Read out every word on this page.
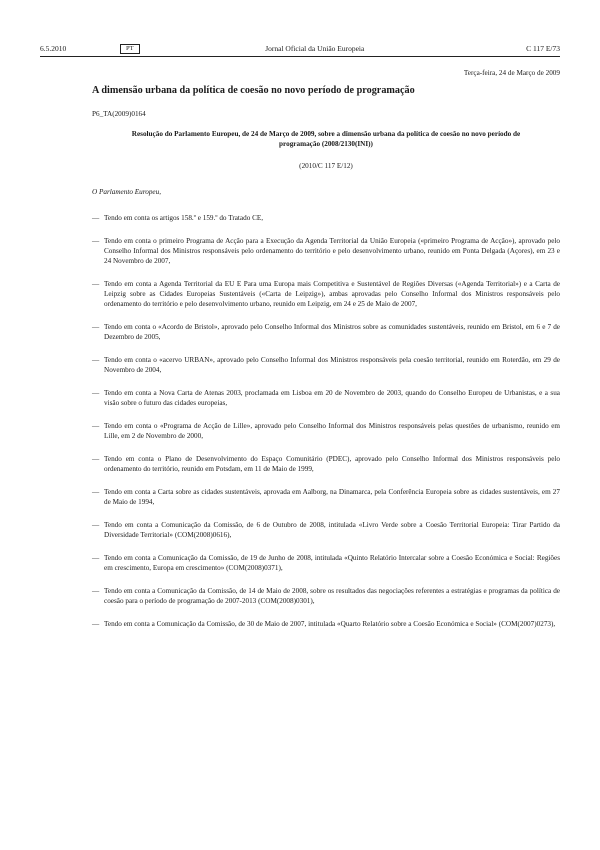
6.5.2010	PT	Jornal Oficial da União Europeia	C 117 E/73
Terça-feira, 24 de Março de 2009
A dimensão urbana da política de coesão no novo período de programação
P6_TA(2009)0164
Resolução do Parlamento Europeu, de 24 de Março de 2009, sobre a dimensão urbana da política de coesão no novo período de programação (2008/2130(INI))
(2010/C 117 E/12)
O Parlamento Europeu,
— Tendo em conta os artigos 158.º e 159.º do Tratado CE,
— Tendo em conta o primeiro Programa de Acção para a Execução da Agenda Territorial da União Europeia («primeiro Programa de Acção»), aprovado pelo Conselho Informal dos Ministros responsáveis pelo ordenamento do território e pelo desenvolvimento urbano, reunido em Ponta Delgada (Açores), em 23 e 24 Novembro de 2007,
— Tendo em conta a Agenda Territorial da EU E Para uma Europa mais Competitiva e Sustentável de Regiões Diversas («Agenda Territorial») e a Carta de Leipzig sobre as Cidades Europeias Sustentáveis («Carta de Leipzig»), ambas aprovadas pelo Conselho Informal dos Ministros responsáveis pelo ordenamento do território e pelo desenvolvimento urbano, reunido em Leipzig, em 24 e 25 de Maio de 2007,
— Tendo em conta o «Acordo de Bristol», aprovado pelo Conselho Informal dos Ministros sobre as comunidades sustentáveis, reunido em Bristol, em 6 e 7 de Dezembro de 2005,
— Tendo em conta o «acervo URBAN», aprovado pelo Conselho Informal dos Ministros responsáveis pela coesão territorial, reunido em Roterdão, em 29 de Novembro de 2004,
— Tendo em conta a Nova Carta de Atenas 2003, proclamada em Lisboa em 20 de Novembro de 2003, quando do Conselho Europeu de Urbanistas, e a sua visão sobre o futuro das cidades europeias,
— Tendo em conta o «Programa de Acção de Lille», aprovado pelo Conselho Informal dos Ministros responsáveis pelas questões de urbanismo, reunido em Lille, em 2 de Novembro de 2000,
— Tendo em conta o Plano de Desenvolvimento do Espaço Comunitário (PDEC), aprovado pelo Conselho Informal dos Ministros responsáveis pelo ordenamento do território, reunido em Potsdam, em 11 de Maio de 1999,
— Tendo em conta a Carta sobre as cidades sustentáveis, aprovada em Aalborg, na Dinamarca, pela Conferência Europeia sobre as cidades sustentáveis, em 27 de Maio de 1994,
— Tendo em conta a Comunicação da Comissão, de 6 de Outubro de 2008, intitulada «Livro Verde sobre a Coesão Territorial Europeia: Tirar Partido da Diversidade Territorial» (COM(2008)0616),
— Tendo em conta a Comunicação da Comissão, de 19 de Junho de 2008, intitulada «Quinto Relatório Intercalar sobre a Coesão Económica e Social: Regiões em crescimento, Europa em crescimento» (COM(2008)0371),
— Tendo em conta a Comunicação da Comissão, de 14 de Maio de 2008, sobre os resultados das negociações referentes a estratégias e programas da política de coesão para o período de programação de 2007-2013 (COM(2008)0301),
— Tendo em conta a Comunicação da Comissão, de 30 de Maio de 2007, intitulada «Quarto Relatório sobre a Coesão Económica e Social» (COM(2007)0273),
